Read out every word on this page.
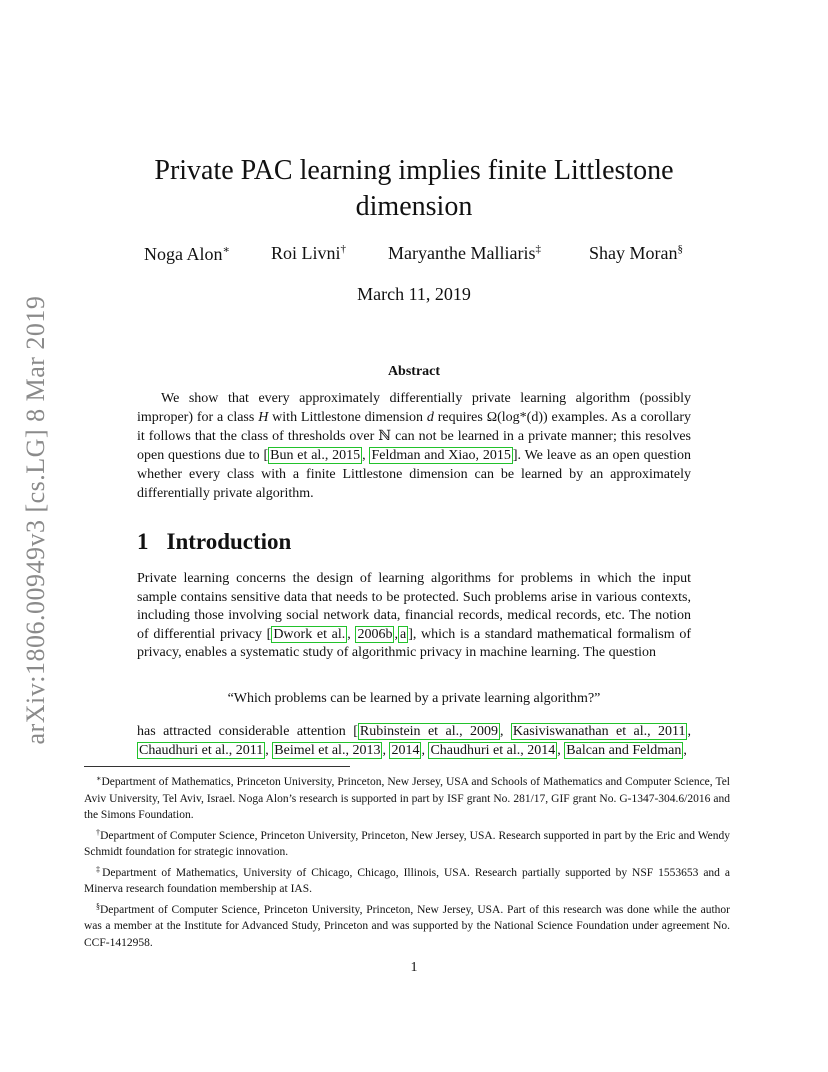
arXiv:1806.00949v3 [cs.LG] 8 Mar 2019
Private PAC learning implies finite Littlestone dimension
Noga Alon∗ Roi Livni† Maryanthe Malliaris‡	Shay Moran§
March 11, 2019
Abstract

We show that every approximately differentially private learning algorithm (possibly improper) for a class H with Littlestone dimension d requires Ω(log*(d)) examples. As a corollary it follows that the class of thresholds over ℕ can not be learned in a private manner; this resolves open questions due to [ Bun et al., 2015 , Feldman and Xiao, 2015 ]. We leave as an open question whether every class with a finite Littlestone dimension can be learned by an approximately differentially private algorithm.

1 Introduction

Private learning concerns the design of learning algorithms for problems in which the input sample contains sensitive data that needs to be protected. Such problems arise in various contexts, including those involving social network data, financial records, medical records, etc. The notion of differential privacy [ Dwork et al. , 2006b , a ], which is a standard mathematical formalism of privacy, enables a systematic study of algorithmic privacy in machine learning. The question

“Which problems can be learned by a private learning algorithm?”

has attracted considerable attention [ Rubinstein et al., 2009 , Kasiviswanathan et al., 2011 , Chaudhuri et al., 2011 , Beimel et al., 2013 , 2014 , Chaudhuri et al., 2014 , Balcan and Feldman ,

∗Department of Mathematics, Princeton University, Princeton, New Jersey, USA and Schools of Mathematics and Computer Science, Tel Aviv University, Tel Aviv, Israel. Noga Alon’s research is supported in part by ISF grant No. 281/17, GIF grant No. G-1347-304.6/2016 and the Simons Foundation.

†Department of Computer Science, Princeton University, Princeton, New Jersey, USA. Research supported in part by the Eric and Wendy Schmidt foundation for strategic innovation.

‡Department of Mathematics, University of Chicago, Chicago, Illinois, USA. Research partially supported by NSF 1553653 and a Minerva research foundation membership at IAS.

§Department of Computer Science, Princeton University, Princeton, New Jersey, USA. Part of this research was done while the author was a member at the Institute for Advanced Study, Princeton and was supported by the National Science Foundation under agreement No. CCF-1412958.

1
